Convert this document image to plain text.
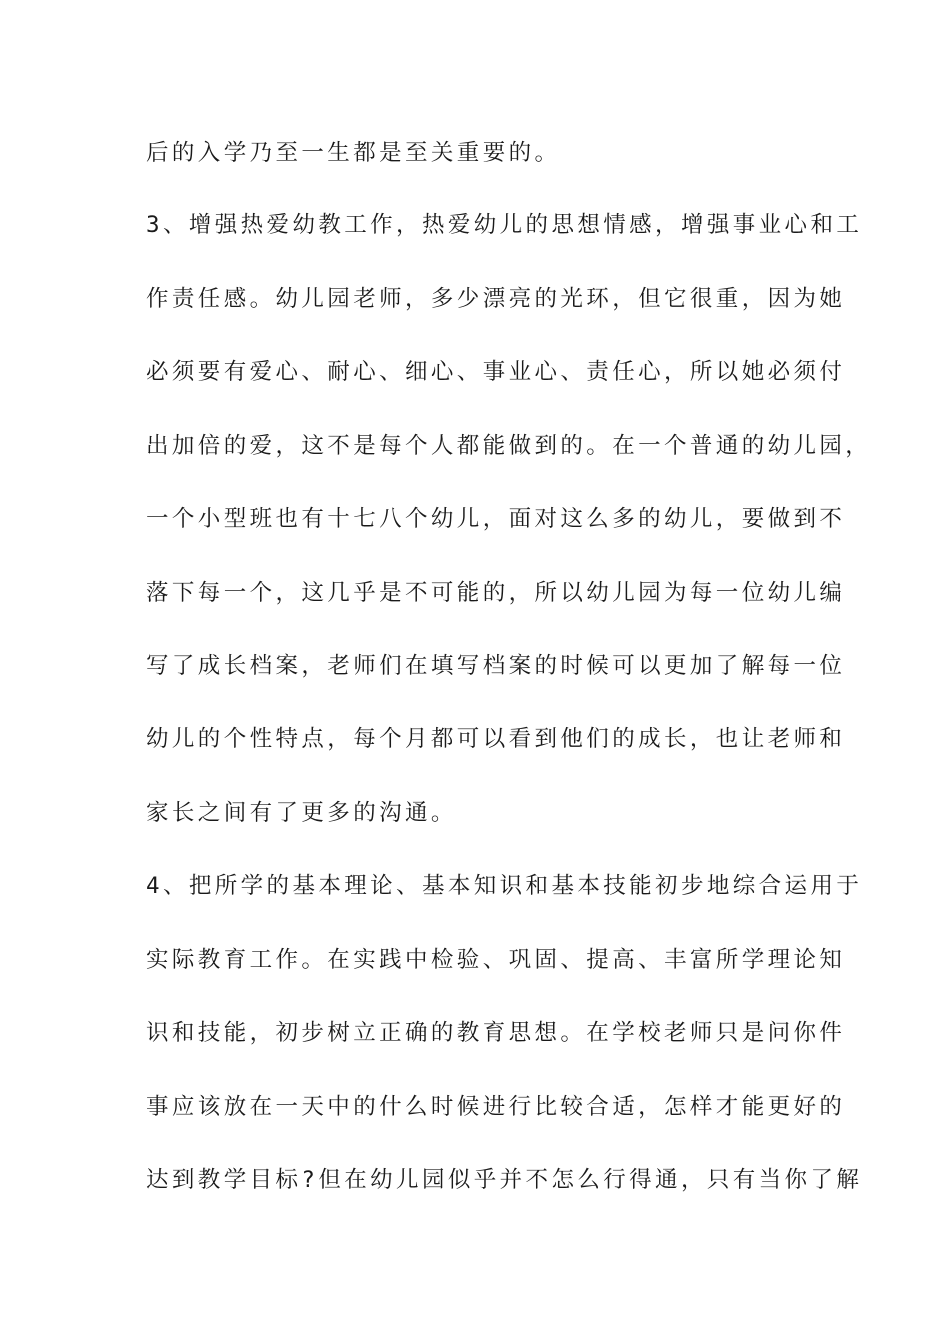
后的入学乃至一生都是至关重要的。
3、增强热爱幼教工作，热爱幼儿的思想情感，增强事业心和工
作责任感。幼儿园老师，多少漂亮的光环，但它很重，因为她
必须要有爱心、耐心、细心、事业心、责任心，所以她必须付
出加倍的爱，这不是每个人都能做到的。在一个普通的幼儿园，
一个小型班也有十七八个幼儿，面对这么多的幼儿，要做到不
落下每一个，这几乎是不可能的，所以幼儿园为每一位幼儿编
写了成长档案，老师们在填写档案的时候可以更加了解每一位
幼儿的个性特点，每个月都可以看到他们的成长，也让老师和
家长之间有了更多的沟通。
4、把所学的基本理论、基本知识和基本技能初步地综合运用于
实际教育工作。在实践中检验、巩固、提高、丰富所学理论知
识和技能，初步树立正确的教育思想。在学校老师只是问你件
事应该放在一天中的什么时候进行比较合适，怎样才能更好的
达到教学目标?但在幼儿园似乎并不怎么行得通，只有当你了解
